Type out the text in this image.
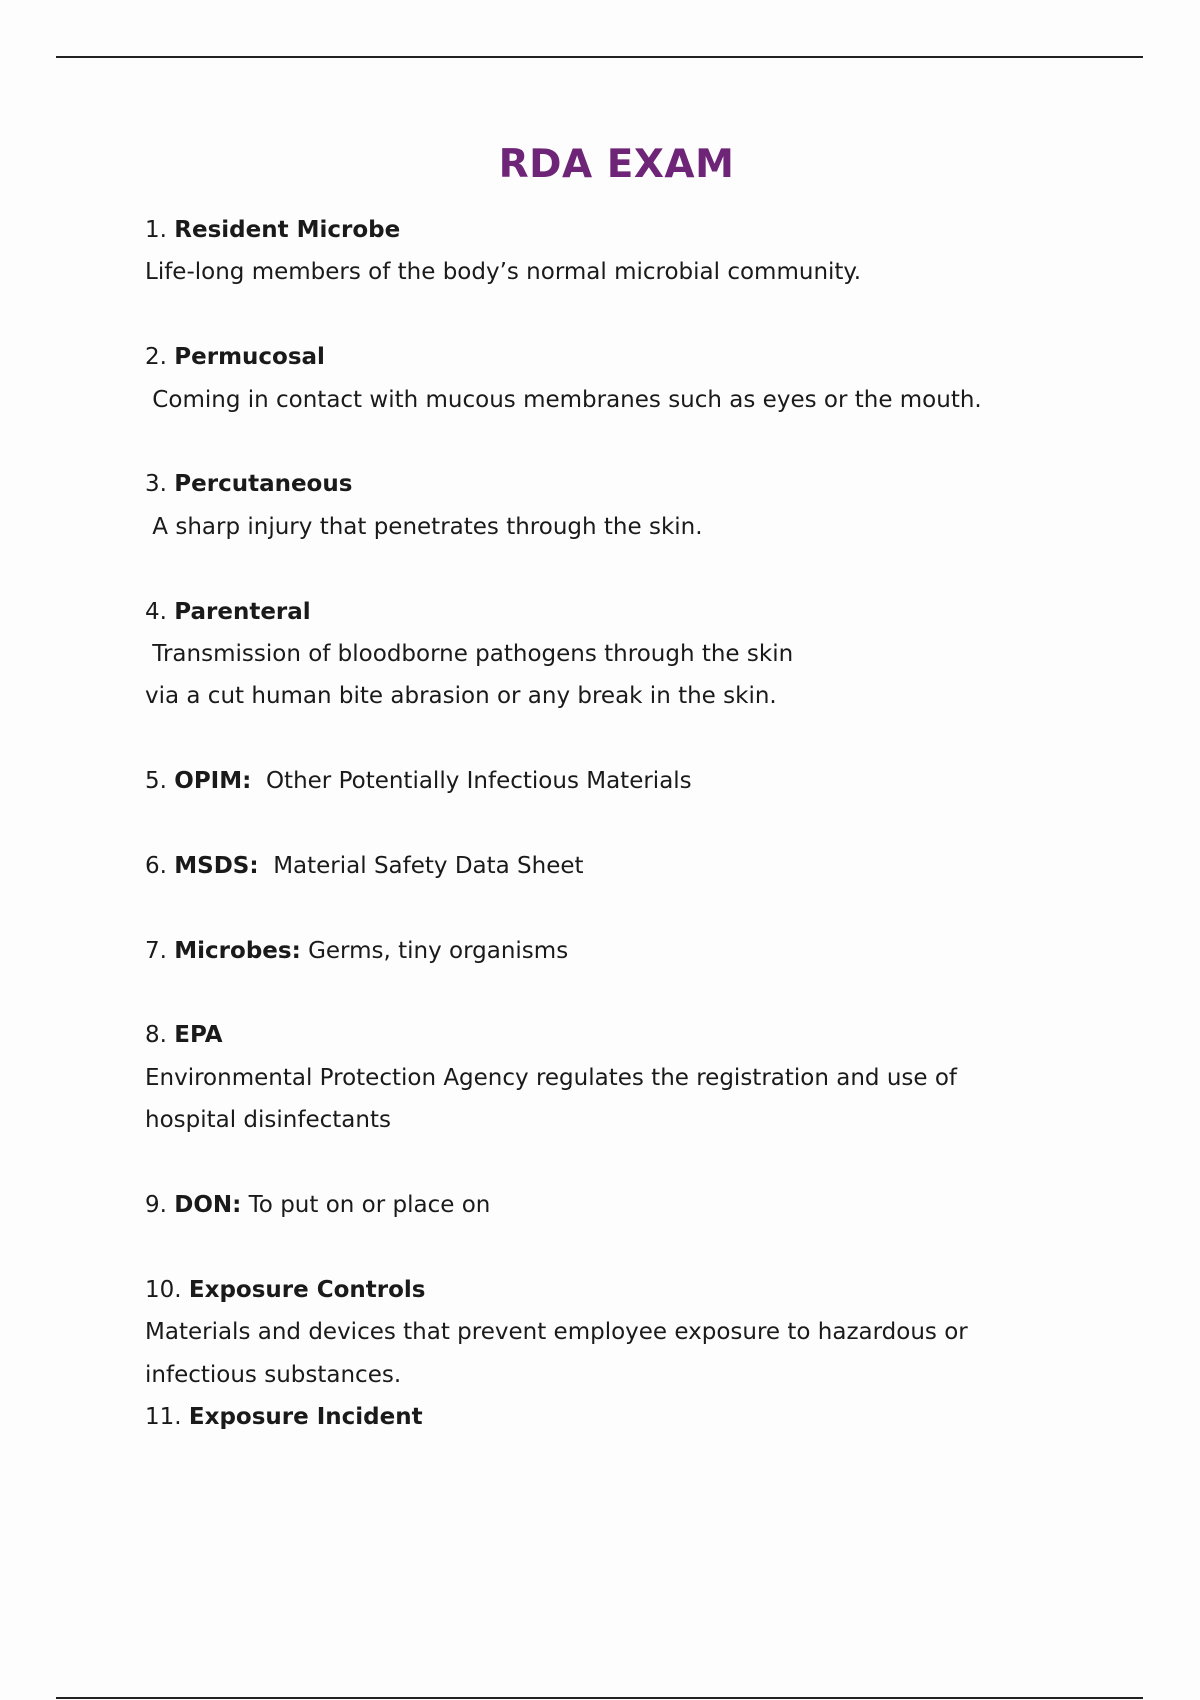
RDA EXAM
1. Resident Microbe
Life-long members of the body’s normal microbial community.
2. Permucosal
Coming in contact with mucous membranes such as eyes or the mouth.
3. Percutaneous
A sharp injury that penetrates through the skin.
4. Parenteral
Transmission of bloodborne pathogens through the skin
via a cut human bite abrasion or any break in the skin.
5. OPIM:  Other Potentially Infectious Materials
6. MSDS:  Material Safety Data Sheet
7. Microbes: Germs, tiny organisms
8. EPA
Environmental Protection Agency regulates the registration and use of
hospital disinfectants
9. DON: To put on or place on
10. Exposure Controls
Materials and devices that prevent employee exposure to hazardous or
infectious substances.
11. Exposure Incident
